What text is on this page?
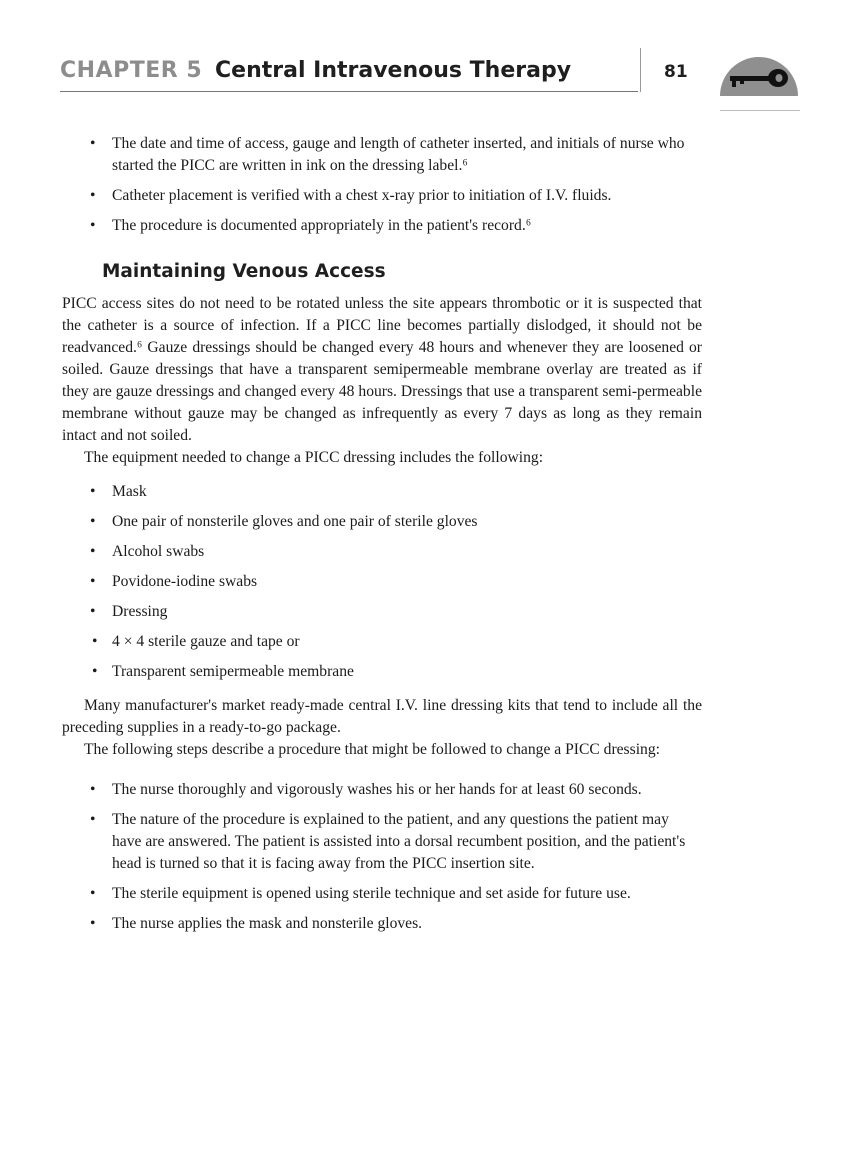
CHAPTER 5 Central Intravenous Therapy	81
• The date and time of access, gauge and length of catheter inserted, and initials of nurse who started the PICC are written in ink on the dressing label.⁶
• Catheter placement is verified with a chest x-ray prior to initiation of I.V. fluids.
• The procedure is documented appropriately in the patient's record.⁶
Maintaining Venous Access

PICC access sites do not need to be rotated unless the site appears thrombotic or it is suspected that the catheter is a source of infection. If a PICC line becomes partially dislodged, it should not be readvanced.⁶ Gauze dressings should be changed every 48 hours and whenever they are loosened or soiled. Gauze dressings that have a transparent semipermeable membrane overlay are treated as if they are gauze dressings and changed every 48 hours. Dressings that use a transparent semi-permeable membrane without gauze may be changed as infrequently as every 7 days as long as they remain intact and not soiled.

The equipment needed to change a PICC dressing includes the following:

• Mask
• One pair of nonsterile gloves and one pair of sterile gloves
• Alcohol swabs
• Povidone-iodine swabs
• Dressing
• 4 × 4 sterile gauze and tape or
• Transparent semipermeable membrane

Many manufacturer's market ready-made central I.V. line dressing kits that tend to include all the preceding supplies in a ready-to-go package.

The following steps describe a procedure that might be followed to change a PICC dressing:

• The nurse thoroughly and vigorously washes his or her hands for at least 60 seconds.
• The nature of the procedure is explained to the patient, and any questions the patient may have are answered. The patient is assisted into a dorsal recumbent position, and the patient's head is turned so that it is facing away from the PICC insertion site.
• The sterile equipment is opened using sterile technique and set aside for future use.
• The nurse applies the mask and nonsterile gloves.
